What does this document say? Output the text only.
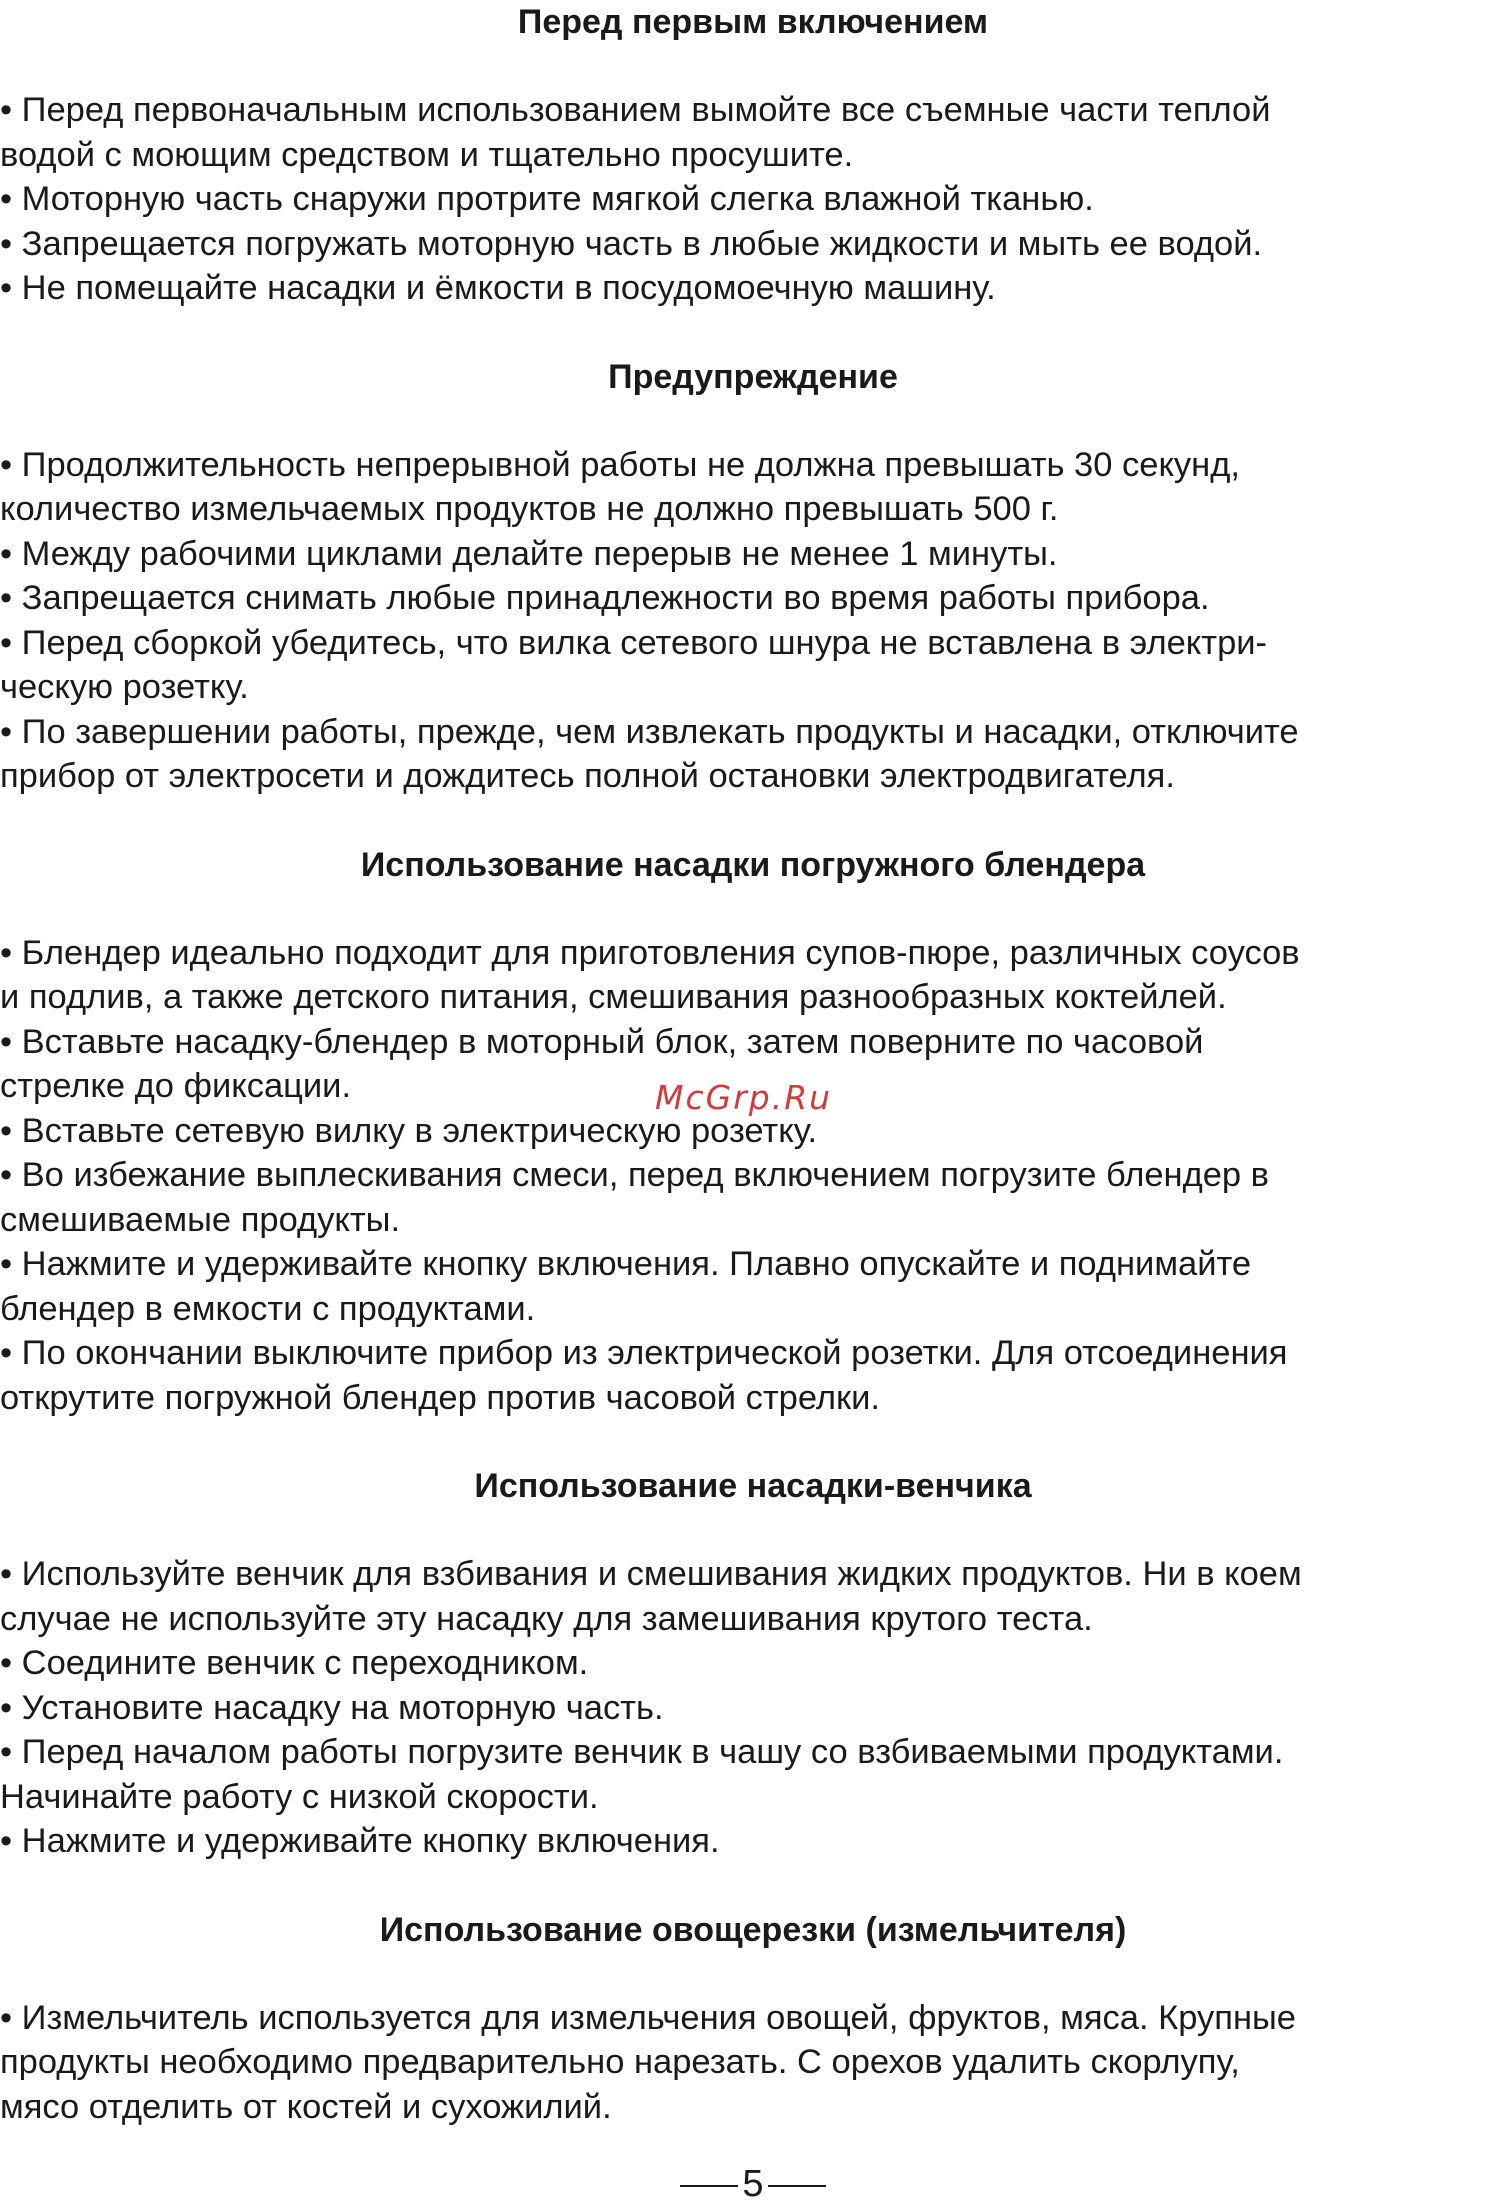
Перед первым включением
• Перед первоначальным использованием вымойте все съемные части теплой
водой с моющим средством и тщательно просушите.
• Моторную часть снаружи протрите мягкой слегка влажной тканью.
• Запрещается погружать моторную часть в любые жидкости и мыть ее водой.
• Не помещайте насадки и ёмкости в посудомоечную машину.
Предупреждение
• Продолжительность непрерывной работы не должна превышать 30 секунд,
количество измельчаемых продуктов не должно превышать 500 г.
• Между рабочими циклами делайте перерыв не менее 1 минуты.
• Запрещается снимать любые принадлежности во время работы прибора.
• Перед сборкой убедитесь, что вилка сетевого шнура не вставлена в электри-
ческую розетку.
• По завершении работы, прежде, чем извлекать продукты и насадки, отключите
прибор от электросети и дождитесь полной остановки электродвигателя.
Использование насадки погружного блендера
• Блендер идеально подходит для приготовления супов-пюре, различных соусов
и подлив, а также детского питания, смешивания разнообразных коктейлей.
• Вставьте насадку-блендер в моторный блок, затем поверните по часовой
стрелке до фиксации.
• Вставьте сетевую вилку в электрическую розетку.
• Во избежание выплескивания смеси, перед включением погрузите блендер в
смешиваемые продукты.
• Нажмите и удерживайте кнопку включения. Плавно опускайте и поднимайте
блендер в емкости с продуктами.
• По окончании выключите прибор из электрической розетки. Для отсоединения
открутите погружной блендер против часовой стрелки.
Использование насадки-венчика
• Используйте венчик для взбивания и смешивания жидких продуктов. Ни в коем
случае не используйте эту насадку для замешивания крутого теста.
• Соедините венчик с переходником.
• Установите насадку на моторную часть.
• Перед началом работы погрузите венчик в чашу со взбиваемыми продуктами.
Начинайте работу с низкой скорости.
• Нажмите и удерживайте кнопку включения.
Использование овощерезки (измельчителя)
• Измельчитель используется для измельчения овощей, фруктов, мяса. Крупные
продукты необходимо предварительно нарезать. С орехов удалить скорлупу,
мясо отделить от костей и сухожилий.
McGrp.Ru
5
